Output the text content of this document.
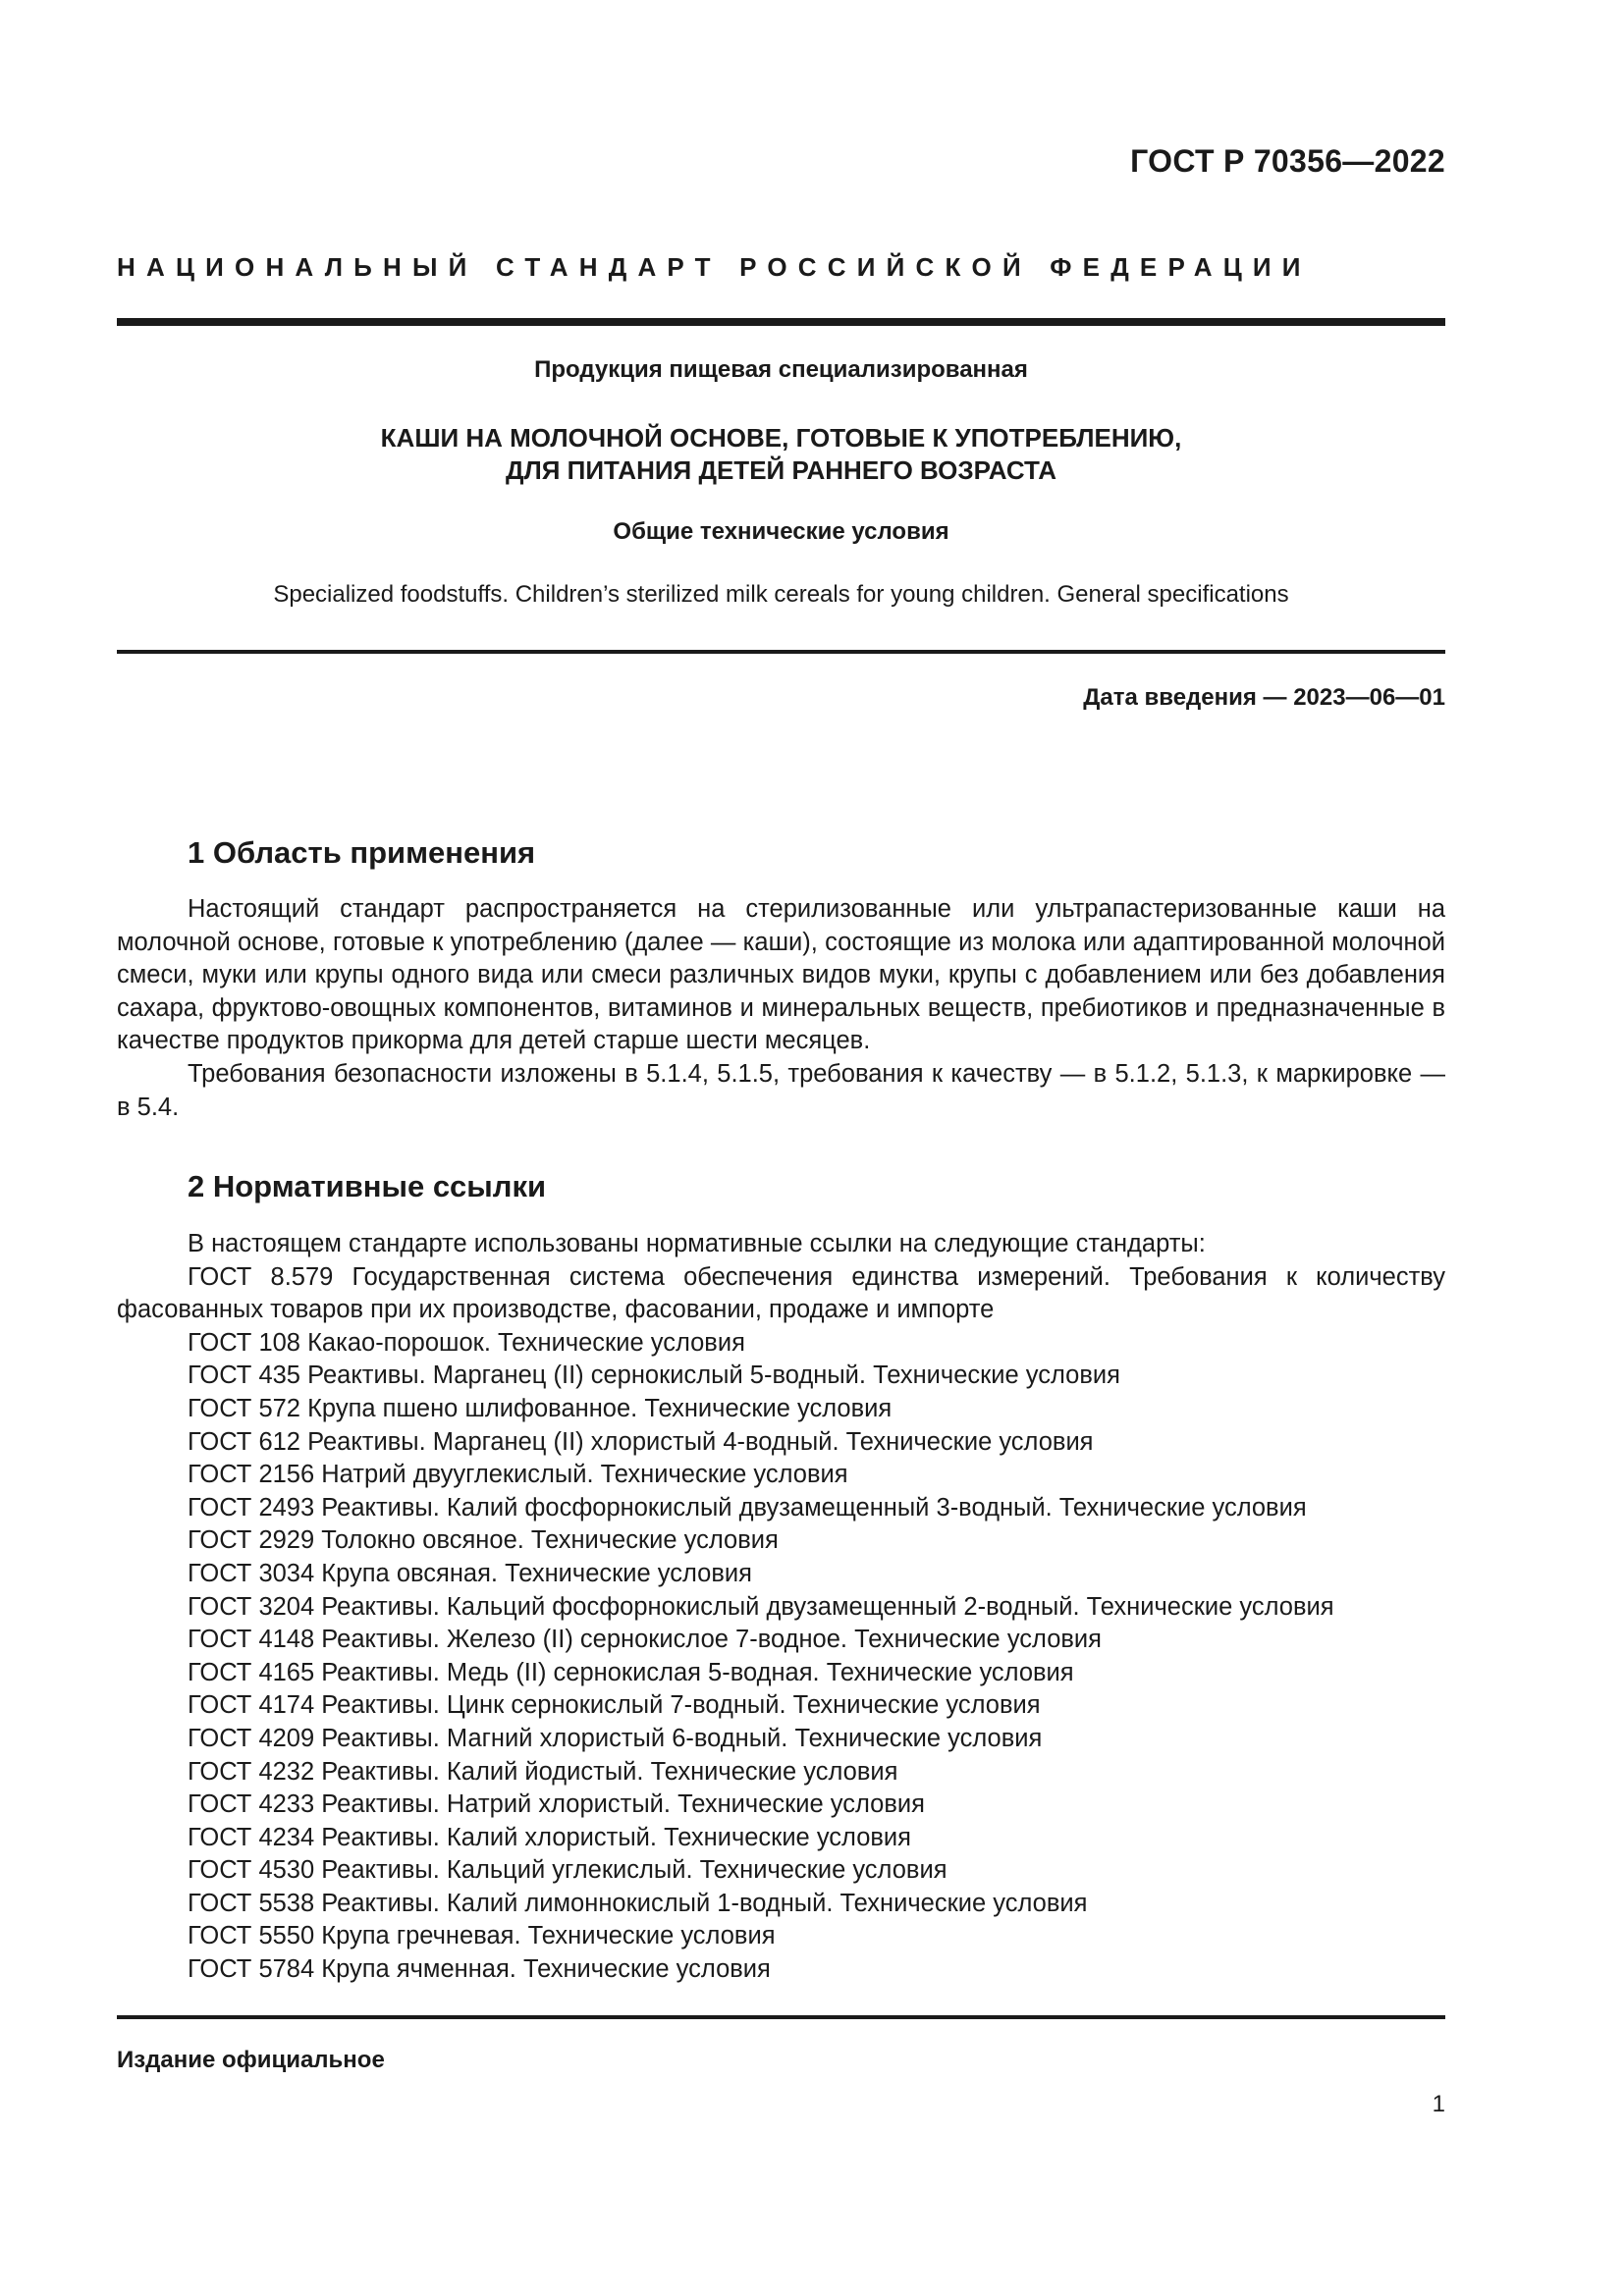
ГОСТ Р 70356—2022
НАЦИОНАЛЬНЫЙ СТАНДАРТ РОССИЙСКОЙ ФЕДЕРАЦИИ
Продукция пищевая специализированная
КАШИ НА МОЛОЧНОЙ ОСНОВЕ, ГОТОВЫЕ К УПОТРЕБЛЕНИЮ,
ДЛЯ ПИТАНИЯ ДЕТЕЙ РАННЕГО ВОЗРАСТА
Общие технические условия
Specialized foodstuffs. Children’s sterilized milk cereals for young children. General specifications
Дата введения — 2023—06—01
1 Область применения

Настоящий стандарт распространяется на стерилизованные или ультрапастеризованные каши на молочной основе, готовые к употреблению (далее — каши), состоящие из молока или адаптированной молочной смеси, муки или крупы одного вида или смеси различных видов муки, крупы с добавлением или без добавления сахара, фруктово-овощных компонентов, витаминов и минеральных веществ, пребиотиков и предназначенные в качестве продуктов прикорма для детей старше шести месяцев.

Требования безопасности изложены в 5.1.4, 5.1.5, требования к качеству — в 5.1.2, 5.1.3, к маркировке — в 5.4.

2 Нормативные ссылки
В настоящем стандарте использованы нормативные ссылки на следующие стандарты:
ГОСТ 8.579 Государственная система обеспечения единства измерений. Требования к количеству фасованных товаров при их производстве, фасовании, продаже и импорте
ГОСТ 108 Какао-порошок. Технические условия
ГОСТ 435 Реактивы. Марганец (II) сернокислый 5-водный. Технические условия
ГОСТ 572 Крупа пшено шлифованное. Технические условия
ГОСТ 612 Реактивы. Марганец (II) хлористый 4-водный. Технические условия
ГОСТ 2156 Натрий двууглекислый. Технические условия
ГОСТ 2493 Реактивы. Калий фосфорнокислый двузамещенный 3-водный. Технические условия
ГОСТ 2929 Толокно овсяное. Технические условия
ГОСТ 3034 Крупа овсяная. Технические условия
ГОСТ 3204 Реактивы. Кальций фосфорнокислый двузамещенный 2-водный. Технические условия
ГОСТ 4148 Реактивы. Железо (II) сернокислое 7-водное. Технические условия
ГОСТ 4165 Реактивы. Медь (II) сернокислая 5-водная. Технические условия
ГОСТ 4174 Реактивы. Цинк сернокислый 7-водный. Технические условия
ГОСТ 4209 Реактивы. Магний хлористый 6-водный. Технические условия
ГОСТ 4232 Реактивы. Калий йодистый. Технические условия
ГОСТ 4233 Реактивы. Натрий хлористый. Технические условия
ГОСТ 4234 Реактивы. Калий хлористый. Технические условия
ГОСТ 4530 Реактивы. Кальций углекислый. Технические условия
ГОСТ 5538 Реактивы. Калий лимоннокислый 1-водный. Технические условия
ГОСТ 5550 Крупа гречневая. Технические условия
ГОСТ 5784 Крупа ячменная. Технические условия
Издание официальное
1
